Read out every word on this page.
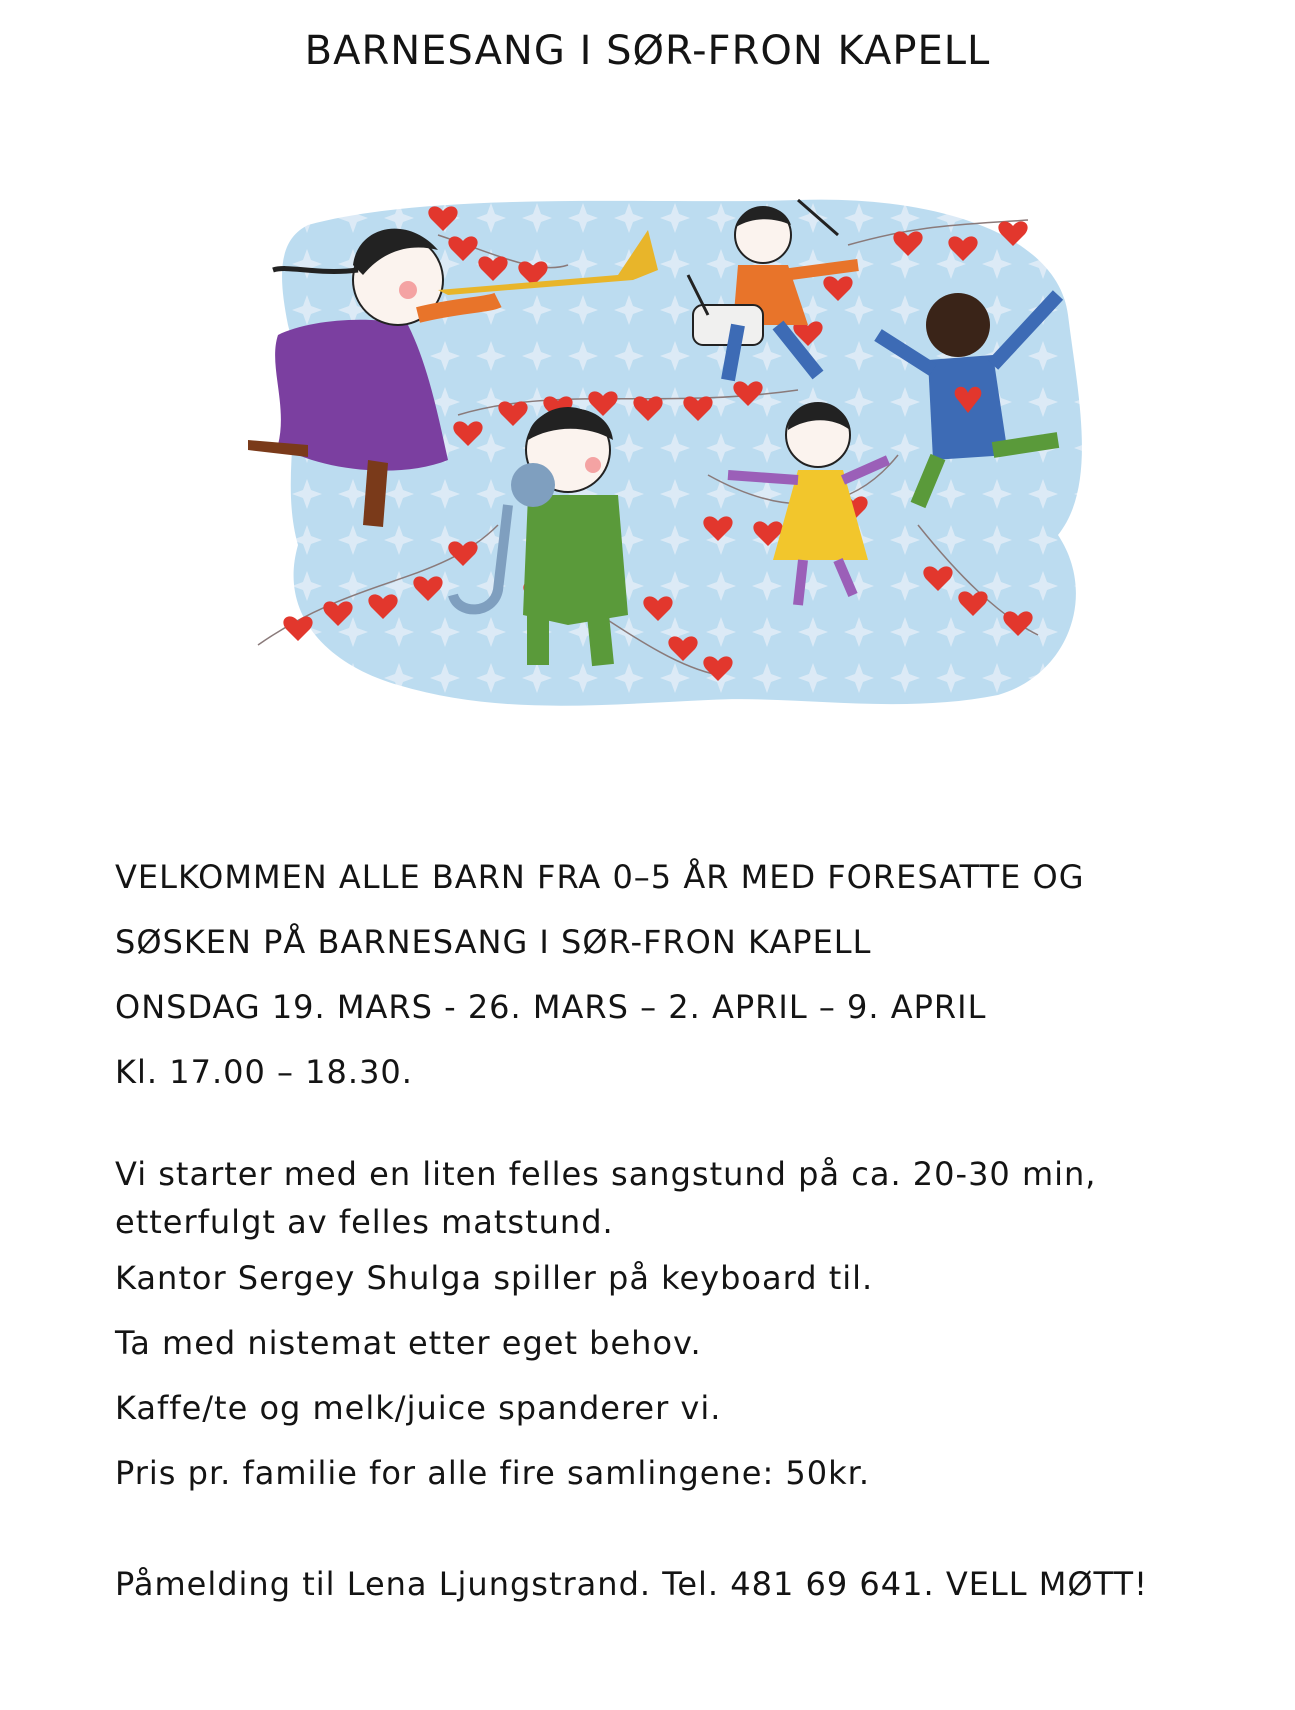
BARNESANG I SØR-FRON KAPELL

VELKOMMEN ALLE BARN FRA 0–5 ÅR MED FORESATTE OG

SØSKEN PÅ BARNESANG I SØR-FRON KAPELL

ONSDAG 19. MARS - 26. MARS – 2. APRIL – 9. APRIL

Kl. 17.00 – 18.30.

Vi starter med en liten felles sangstund på ca. 20-30 min,

etterfulgt av felles matstund.

Kantor Sergey Shulga spiller på keyboard til.

Ta med nistemat etter eget behov.

Kaffe/te og melk/juice spanderer vi.

Pris pr. familie for alle fire samlingene: 50kr.

Påmelding til Lena Ljungstrand. Tel. 481 69 641. VELL MØTT!
